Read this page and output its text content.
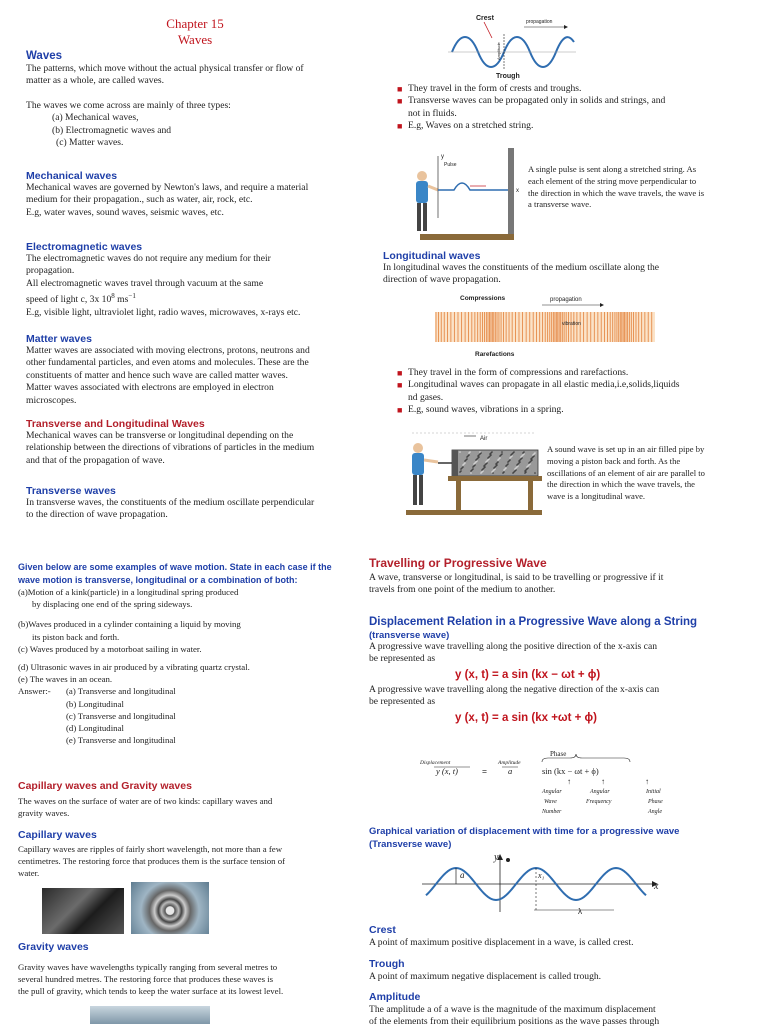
Chapter 15

Waves

Waves

The patterns, which move without the actual physical transfer or flow of

matter as a whole, are called waves.

The waves we come across are mainly of three types:

(a) Mechanical waves,

(b) Electromagnetic waves and

(c) Matter waves.

Mechanical waves

Mechanical waves are governed by Newton's laws, and require a material

medium for their propagation., such as water, air, rock, etc.

E.g, water waves, sound waves, seismic waves, etc.

Electromagnetic waves

The electromagnetic waves do not require any medium for their

propagation.

All electromagnetic waves travel through vacuum at the same

speed of light c, 3x $10^8$ $ms^{-1}$

E.g, visible light, ultraviolet light, radio waves, microwaves, x-rays etc.

Matter waves

Matter waves are associated with moving electrons, protons, neutrons and

other fundamental particles, and even atoms and molecules. These are the

constituents of matter and hence such wave are called matter waves.

Matter waves associated with electrons are employed in electron

microscopes.

Transverse and Longitudinal Waves

Mechanical waves can be transverse or longitudinal depending on the

relationship between the directions of vibrations of particles in the medium

and that of the propagation of wave.

Transverse waves

In transverse waves, the constituents of the medium oscillate perpendicular

to the direction of wave propagation.

Crest	propagation
Amplitude
Trough
■ They travel in the form of crests and troughs.
■ Transverse waves can be propagated only in solids and strings, and
not in fluids.
■ E.g, Waves on a stretched string.
y
Pulse
x

A single pulse is sent along a stretched string. As

each element of the string move perpendicular to

the direction in which the wave travels, the wave is

a transverse wave.

Longitudinal waves

In longitudinal waves the constituents of the medium oscillate along the

direction of wave propagation.

Compressions	propagation
vibration
Rarefactions
■ They travel in the form of compressions and rarefactions.
■ Longitudinal waves can propagate in all elastic media,i.e,solids,liquids
nd gases.
■ E.g, sound waves, vibrations in a spring.
Air

A sound wave is set up in an air filled pipe by

moving a piston back and forth. As the

oscillations of an element of air are parallel to

the direction in which the wave travels, the

wave is a longitudinal wave.

Given below are some examples of wave motion. State in each case if the

wave motion is transverse, longitudinal or a combination of both:

(a)Motion of a kink(particle) in a longitudinal spring produced

by displacing one end of the spring sideways.

(b)Waves produced in a cylinder containing a liquid by moving

its piston back and forth.

(c) Waves produced by a motorboat sailing in water.

(d) Ultrasonic waves in air produced by a vibrating quartz crystal.

(e) The waves in an ocean.

Answer:- (a) Transverse and longitudinal

(b) Longitudinal

(c) Transverse and longitudinal

(d) Longitudinal

(e) Transverse and longitudinal

Capillary waves and Gravity waves

The waves on the surface of water are of two kinds: capillary waves and

gravity waves.

Capillary waves

Capillary waves are ripples of fairly short wavelength, not more than a few

centimetres. The restoring force that produces them is the surface tension of

water.

Gravity waves

Gravity waves have wavelengths typically ranging from several metres to

several hundred metres. The restoring force that produces these waves is

the pull of gravity, which tends to keep the water surface at its lowest level.

Travelling or Progressive Wave

A wave, transverse or longitudinal, is said to be travelling or progressive if it

travels from one point of the medium to another.

Displacement Relation in a Progressive Wave along a String

(transverse wave)

A progressive wave travelling along the positive direction of the x-axis can

be represented as

y (x, t) = a sin (kx − ωt + ϕ)

A progressive wave travelling along the negative direction of the x-axis can

be represented as

y (x, t) = a sin (kx +ωt + ϕ)

Phase
Displacement	Amplitude
y (x, t)	= a	sin (kx − ωt + ϕ)
↑	↑	↑
Angular
Wave
Number
Angular
Frequency
Initial
Phase
Angle

Graphical variation of displacement with time for a progressive wave

(Transverse wave)

x
y
a	x₁
λ

Crest

A point of maximum positive displacement in a wave, is called crest.

Trough

A point of maximum negative displacement is called trough.

Amplitude

The amplitude a of a wave is the magnitude of the maximum displacement

of the elements from their equilibrium positions as the wave passes through
